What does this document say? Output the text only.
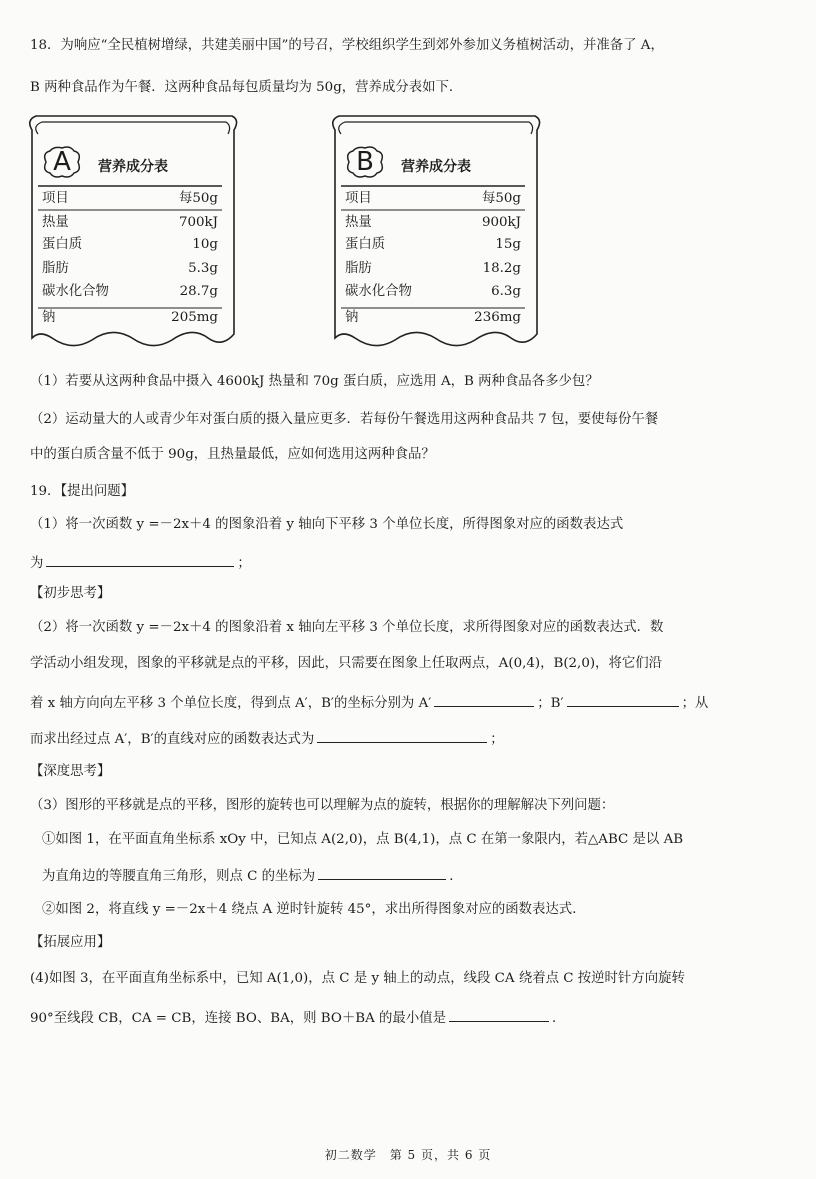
18．为响应“全民植树增绿，共建美丽中国”的号召，学校组织学生到郊外参加义务植树活动，并准备了 A，
B 两种食品作为午餐．这两种食品每包质量均为 50g，营养成分表如下．
A	营养成分表
项目	每50g
热量	700kJ
蛋白质	10g
脂肪	5.3g
碳水化合物	28.7g
钠	205mg
B	营养成分表
项目	每50g
热量	900kJ
蛋白质	15g
脂肪	18.2g
碳水化合物	6.3g
钠	236mg
（1）若要从这两种食品中摄入 4600kJ 热量和 70g 蛋白质，应选用 A，B 两种食品各多少包？
（2）运动量大的人或青少年对蛋白质的摄入量应更多．若每份午餐选用这两种食品共 7 包，要使每份午餐
中的蛋白质含量不低于 90g，且热量最低，应如何选用这两种食品？
19．【提出问题】
（1）将一次函数 y =－2x＋4 的图象沿着 y 轴向下平移 3 个单位长度，所得图象对应的函数表达式
为	；
【初步思考】
（2）将一次函数 y =－2x＋4 的图象沿着 x 轴向左平移 3 个单位长度，求所得图象对应的函数表达式．数
学活动小组发现，图象的平移就是点的平移，因此，只需要在图象上任取两点，A(0,4)，B(2,0)，将它们沿
着 x 轴方向向左平移 3 个单位长度，得到点 A′，B′的坐标分别为 A′	；B′	；从
而求出经过点 A′，B′的直线对应的函数表达式为	；
【深度思考】
（3）图形的平移就是点的平移，图形的旋转也可以理解为点的旋转，根据你的理解解决下列问题：
①如图 1，在平面直角坐标系 xOy 中，已知点 A(2,0)，点 B(4,1)，点 C 在第一象限内，若△ABC 是以 AB
为直角边的等腰直角三角形，则点 C 的坐标为	．
②如图 2，将直线 y =－2x＋4 绕点 A 逆时针旋转 45°，求出所得图象对应的函数表达式．
【拓展应用】
(4)如图 3，在平面直角坐标系中，已知 A(1,0)，点 C 是 y 轴上的动点，线段 CA 绕着点 C 按逆时针方向旋转
90°至线段 CB，CA = CB，连接 BO、BA，则 BO＋BA 的最小值是	．
初二数学　第 5 页，共 6 页
